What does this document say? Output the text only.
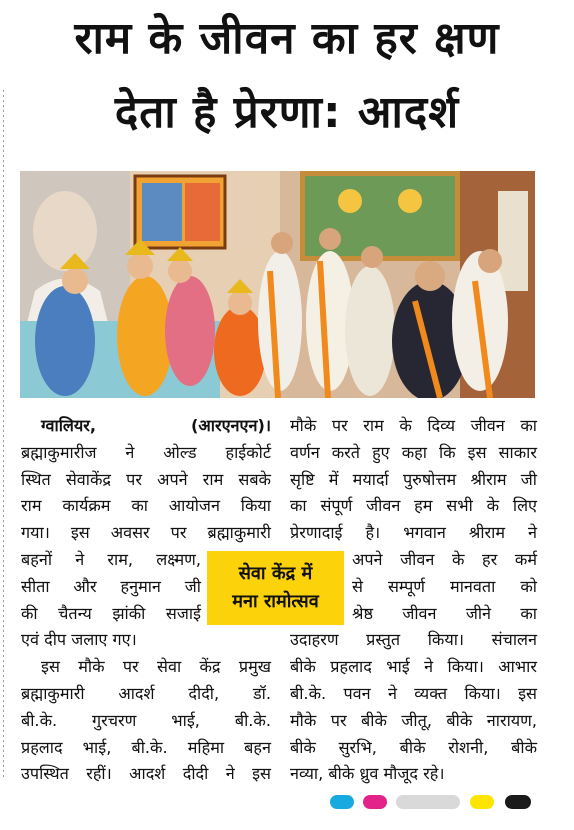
राम के जीवन का हर क्षण
देता है प्रेरणा: आदर्श

ग्वालियर, (आरएनएन)।

ब्रह्माकुमारीज ने ओल्ड हाईकोर्ट

स्थित सेवाकेंद्र पर अपने राम सबके

राम कार्यक्रम का आयोजन किया

गया। इस अवसर पर ब्रह्माकुमारी

बहनों ने राम, लक्ष्मण,

सीता और हनुमान जी

की चैतन्य झांकी सजाई

एवं दीप जलाए गए।

इस मौके पर सेवा केंद्र प्रमुख

ब्रह्माकुमारी आदर्श दीदी, डॉ.

बी.के. गुरचरण भाई, बी.के.

प्रहलाद भाई, बी.के. महिमा बहन

उपस्थित रहीं। आदर्श दीदी ने इस

मौके पर राम के दिव्य जीवन का

वर्णन करते हुए कहा कि इस साकार

सृष्टि में मयार्दा पुरुषोत्तम श्रीराम जी

का संपूर्ण जीवन हम सभी के लिए

प्रेरणादाई है। भगवान श्रीराम ने

अपने जीवन के हर कर्म

से सम्पूर्ण मानवता को

श्रेष्ठ जीवन जीने का

उदाहरण प्रस्तुत किया। संचालन

बीके प्रहलाद भाई ने किया। आभार

बी.के. पवन ने व्यक्त किया। इस

मौके पर बीके जीतू, बीके नारायण,

बीके सुरभि, बीके रोशनी, बीके

नव्या, बीके ध्रुव मौजूद रहे।

सेवा केंद्र में
मना रामोत्सव
